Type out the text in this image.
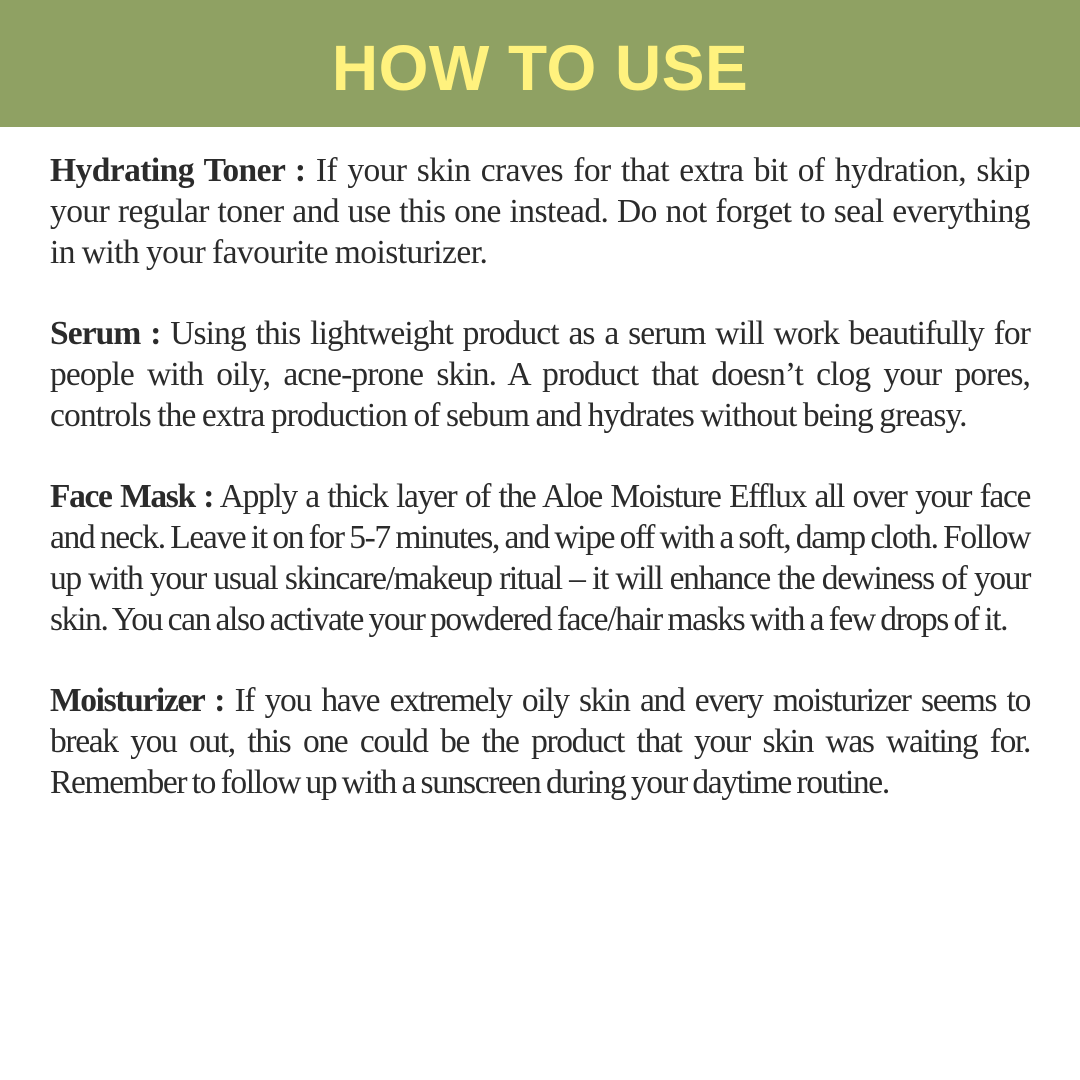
HOW TO USE

Hydrating Toner : If your skin craves for that extra bit of hydration, skip your regular toner and use this one instead. Do not forget to seal everything in with your favourite moisturizer.

Serum : Using this lightweight product as a serum will work beautifully for people with oily, acne-prone skin. A product that doesn’t clog your pores, controls the extra production of sebum and hydrates without being greasy.

Face Mask : Apply a thick layer of the Aloe Moisture Efflux all over your face and neck. Leave it on for 5-7 minutes, and wipe off with a soft, damp cloth. Follow up with your usual skincare/makeup ritual – it will enhance the dewiness of your skin. You can also activate your powdered face/hair masks with a few drops of it.

Moisturizer : If you have extremely oily skin and every moisturizer seems to break you out, this one could be the product that your skin was waiting for. Remember to follow up with a sunscreen during your daytime routine.
